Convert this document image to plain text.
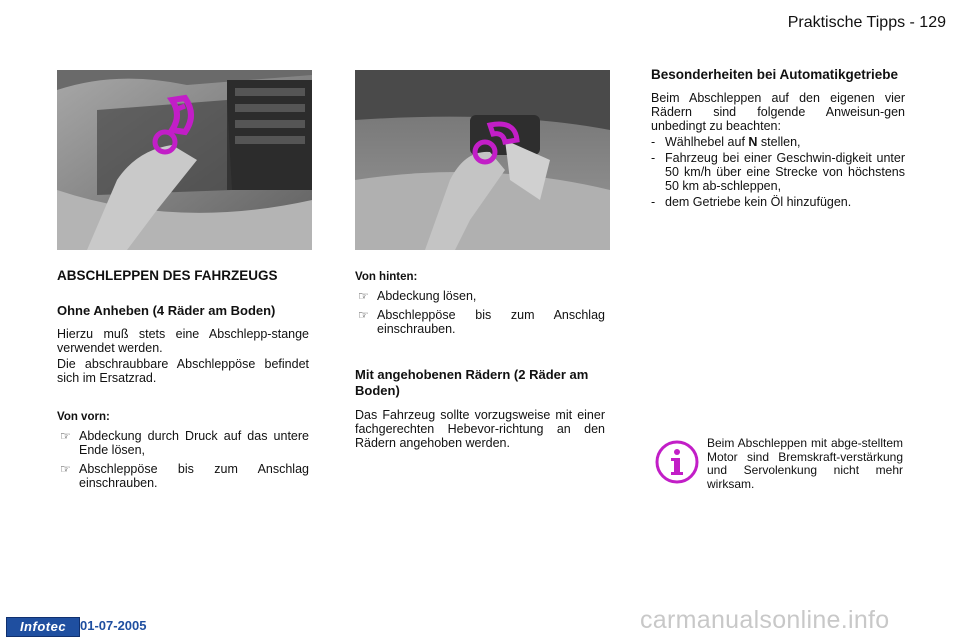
Praktische Tipps - 129
ABSCHLEPPEN DES FAHRZEUGS
Ohne Anheben (4 Räder am Boden)

Hierzu muß stets eine Abschlepp-stange verwendet werden.

Die abschraubbare Abschleppöse befindet sich im Ersatzrad.

Von vorn:
☞ Abdeckung durch Druck auf das untere Ende lösen,
☞ Abschleppöse bis zum Anschlag einschrauben.
Von hinten:
☞ Abdeckung lösen,
☞ Abschleppöse bis zum Anschlag einschrauben.
Mit angehobenen Rädern (2 Räder am Boden)

Das Fahrzeug sollte vorzugsweise mit einer fachgerechten Hebevor-richtung an den Rädern angehoben werden.

Besonderheiten bei Automatikgetriebe

Beim Abschleppen auf den eigenen vier Rädern sind folgende Anweisun-gen unbedingt zu beachten:

- Wählhebel auf N stellen,
- Fahrzeug bei einer Geschwin-digkeit unter 50 km/h über eine Strecke von höchstens 50 km ab-schleppen,
- dem Getriebe kein Öl hinzufügen.
Beim Abschleppen mit abge-stelltem Motor sind Bremskraft-verstärkung und Servolenkung nicht mehr wirksam.
Infotec	01-07-2005	carmanualsonline.info
